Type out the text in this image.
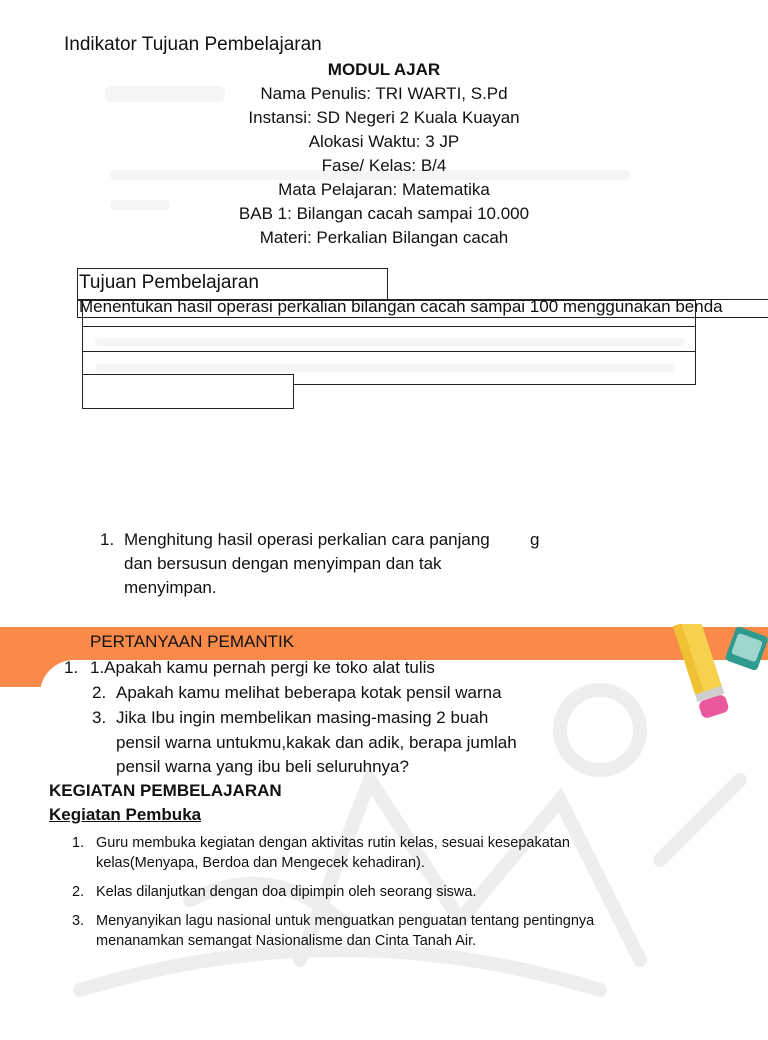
Indikator Tujuan Pembelajaran
MODUL AJAR
Nama Penulis: TRI WARTI, S.Pd
Instansi: SD Negeri 2 Kuala Kuayan
Alokasi Waktu: 3 JP
Fase/ Kelas: B/4
Mata Pelajaran: Matematika
BAB 1: Bilangan cacah sampai 10.000
Materi: Perkalian Bilangan cacah
Tujuan Pembelajaran
Menentukan hasil operasi perkalian bilangan cacah sampai 100 menggunakan benda
1. Menghitung hasil operasi perkalian cara panjang g
dan bersusun dengan menyimpan dan tak
menyimpan.
PERTANYAAN PEMANTIK
1. 1.Apakah kamu pernah pergi ke toko alat tulis
2. Apakah kamu melihat beberapa kotak pensil warna
3. Jika Ibu ingin membelikan masing-masing 2 buah
pensil warna untukmu,kakak dan adik, berapa jumlah
pensil warna yang ibu beli seluruhnya?
KEGIATAN PEMBELAJARAN
Kegiatan Pembuka
1. Guru membuka kegiatan dengan aktivitas rutin kelas, sesuai kesepakatan
kelas(Menyapa, Berdoa dan Mengecek kehadiran).
2. Kelas dilanjutkan dengan doa dipimpin oleh seorang siswa.
3. Menyanyikan lagu nasional untuk menguatkan penguatan tentang pentingnya
menanamkan semangat Nasionalisme dan Cinta Tanah Air.
